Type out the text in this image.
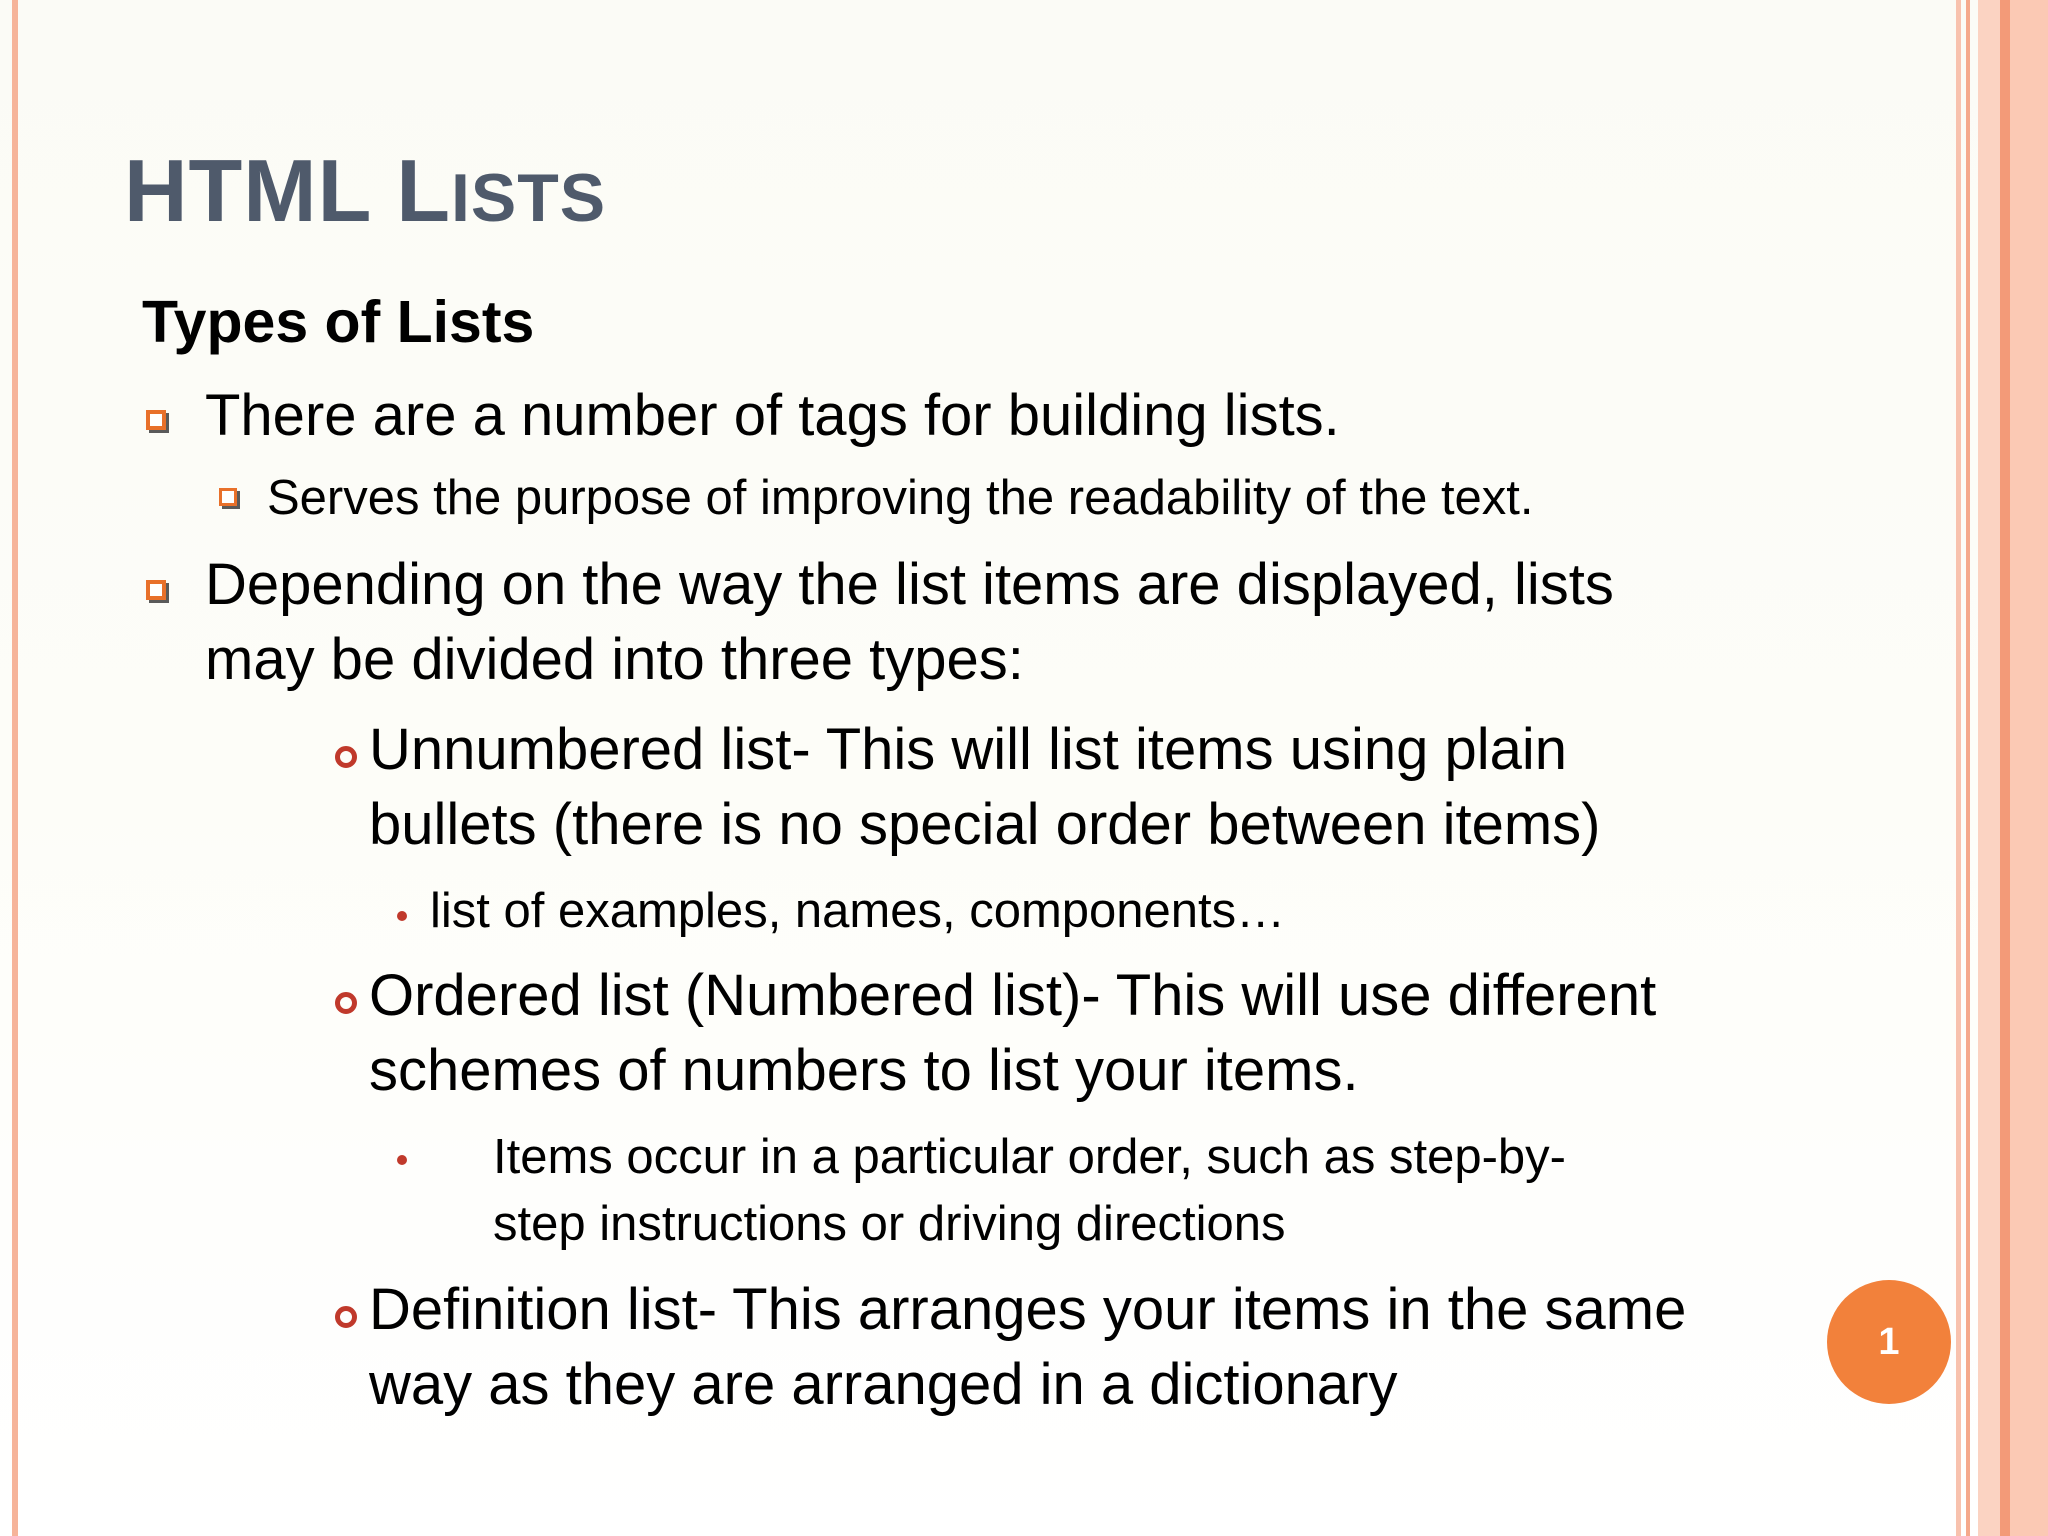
HTML LISTS

Types of Lists

There are a number of tags for building lists.
Serves the purpose of improving the readability of the text.
Depending on the way the list items are displayed, lists
may be divided into three types:
Unnumbered list- This will list items using plain
bullets (there is no special order between items)
list of examples, names, components…
Ordered list (Numbered list)- This will use different
schemes of numbers to list your items.
Items occur in a particular order, such as step-by-
step instructions or driving directions
Definition list- This arranges your items in the same
way as they are arranged in a dictionary
1
